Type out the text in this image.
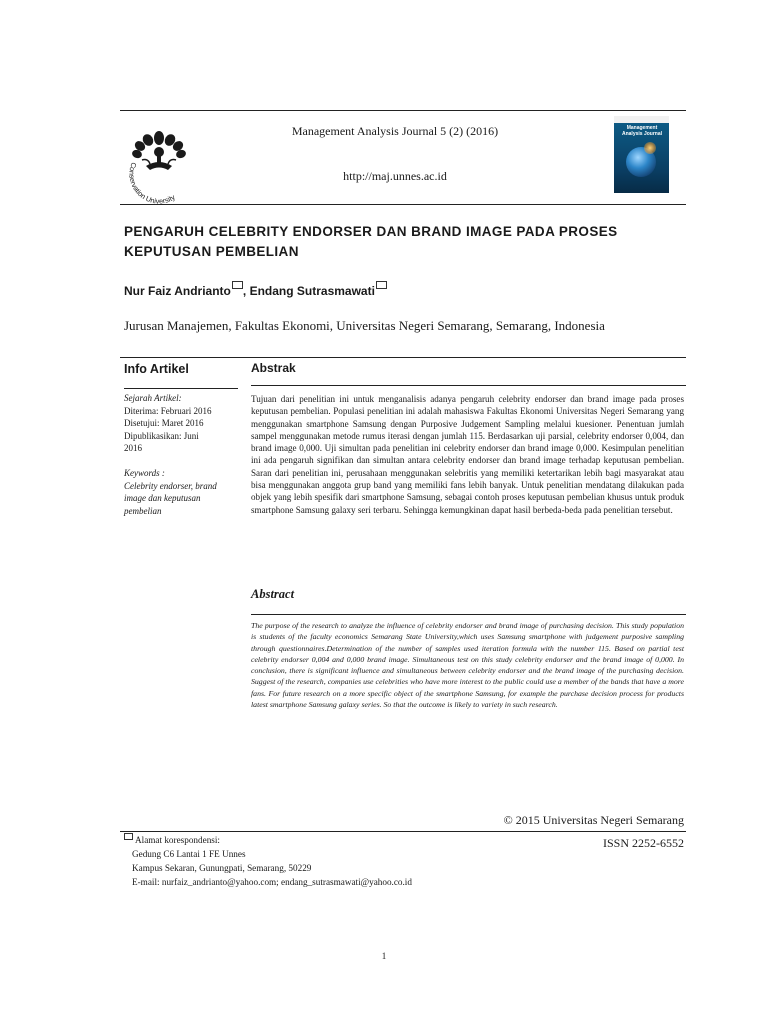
Conservation University
Management Analysis Journal 5 (2) (2016)
http://maj.unnes.ac.id
Management Analysis Journal
PENGARUH CELEBRITY ENDORSER DAN BRAND IMAGE PADA PROSES KEPUTUSAN PEMBELIAN
Nur Faiz Andrianto , Endang Sutrasmawati
Jurusan Manajemen, Fakultas Ekonomi, Universitas Negeri Semarang, Semarang, Indonesia
Info Artikel	Abstrak
Sejarah Artikel:
Diterima: Februari 2016
Disetujui: Maret 2016
Dipublikasikan: Juni
2016
Keywords :
Celebrity endorser, brand
image dan keputusan
pembelian
Tujuan dari penelitian ini untuk menganalisis adanya pengaruh celebrity endorser dan brand image pada proses keputusan pembelian. Populasi penelitian ini adalah mahasiswa Fakultas Ekonomi Universitas Negeri Semarang yang menggunakan smartphone Samsung dengan Purposive Judgement Sampling melalui kuesioner. Penentuan jumlah sampel menggunakan metode rumus iterasi dengan jumlah 115. Berdasarkan uji parsial, celebrity endorser 0,004, dan brand image 0,000. Uji simultan pada penelitian ini celebrity endorser dan brand image 0,000. Kesimpulan penelitian ini ada pengaruh signifikan dan simultan antara celebrity endorser dan brand image terhadap keputusan pembelian. Saran dari penelitian ini, perusahaan menggunakan selebritis yang memiliki ketertarikan lebih bagi masyarakat atau bisa menggunakan anggota grup band yang memiliki fans lebih banyak. Untuk penelitian mendatang dilakukan pada objek yang lebih spesifik dari smartphone Samsung, sebagai contoh proses keputusan pembelian khusus untuk produk smartphone Samsung galaxy seri terbaru. Sehingga kemungkinan dapat hasil berbeda-beda pada penelitian tersebut.
Abstract
The purpose of the research to analyze the influence of celebrity endorser and brand image of purchasing decision. This study population is students of the faculty economics Semarang State University,which uses Samsung smartphone with judgement purposive sampling through questionnaires.Determination of the number of samples used iteration formula with the number 115. Based on partial test celebrity endorser 0,004 and 0,000 brand image. Simultaneous test on this study celebrity endorser and the brand image of 0,000. In conclusion, there is significant influence and simultaneous between celebrity endorser and the brand image of the purchasing decision. Suggest of the research, companies use celebrities who have more interest to the public could use a member of the bands that have a more fans. For future research on a more specific object of the smartphone Samsung, for example the purchase decision process for products latest smartphone Samsung galaxy series. So that the outcome is likely to variety in such research.
© 2015 Universitas Negeri Semarang
ISSN 2252-6552
Alamat korespondensi:
Gedung C6 Lantai 1 FE Unnes
Kampus Sekaran, Gunungpati, Semarang, 50229
E-mail: nurfaiz_andrianto@yahoo.com; endang_sutrasmawati@yahoo.co.id
1
